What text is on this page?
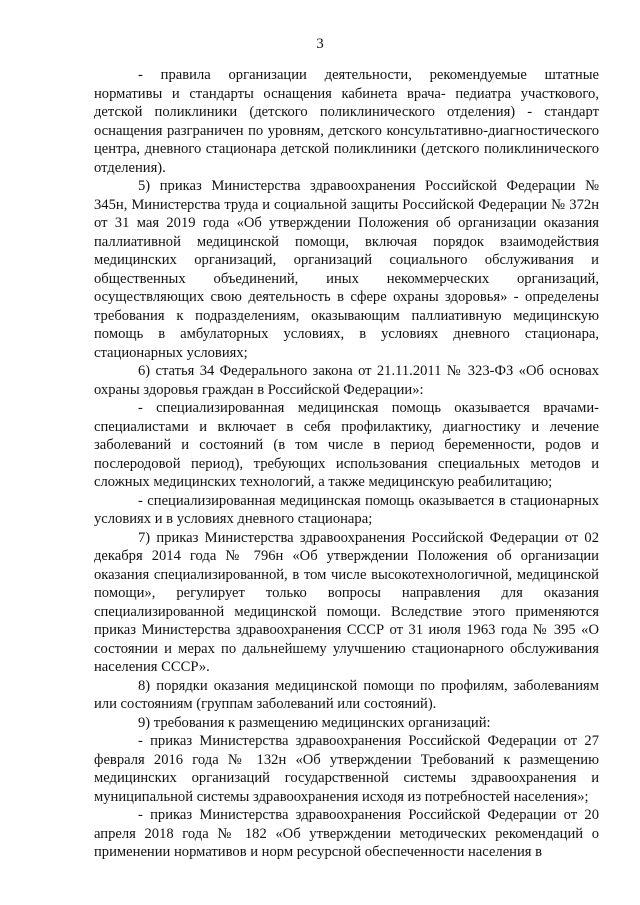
3

- правила организации деятельности, рекомендуемые штатные нормативы и стандарты оснащения кабинета врача- педиатра участкового, детской поликлиники (детского поликлинического отделения) - стандарт оснащения разграничен по уровням, детского консультативно-диагностического центра, дневного стационара детской поликлиники (детского поликлинического отделения).

5) приказ Министерства здравоохранения Российской Федерации № 345н, Министерства труда и социальной защиты Российской Федерации № 372н от 31 мая 2019 года «Об утверждении Положения об организации оказания паллиативной медицинской помощи, включая порядок взаимодействия медицинских организаций, организаций социального обслуживания и общественных объединений, иных некоммерческих организаций, осуществляющих свою деятельность в сфере охраны здоровья» - определены требования к подразделениям, оказывающим паллиативную медицинскую помощь в амбулаторных условиях, в условиях дневного стационара, стационарных условиях;

6) статья 34 Федерального закона от 21.11.2011 № 323-ФЗ «Об основах охраны здоровья граждан в Российской Федерации»:

- специализированная медицинская помощь оказывается врачами-специалистами и включает в себя профилактику, диагностику и лечение заболеваний и состояний (в том числе в период беременности, родов и послеродовой период), требующих использования специальных методов и сложных медицинских технологий, а также медицинскую реабилитацию;

- специализированная медицинская помощь оказывается в стационарных условиях и в условиях дневного стационара;

7) приказ Министерства здравоохранения Российской Федерации от 02 декабря 2014 года № 796н «Об утверждении Положения об организации оказания специализированной, в том числе высокотехнологичной, медицинской помощи», регулирует только вопросы направления для оказания специализированной медицинской помощи. Вследствие этого применяются приказ Министерства здравоохранения СССР от 31 июля 1963 года № 395 «О состоянии и мерах по дальнейшему улучшению стационарного обслуживания населения СССР».

8) порядки оказания медицинской помощи по профилям, заболеваниям или состояниям (группам заболеваний или состояний).

9) требования к размещению медицинских организаций:

- приказ Министерства здравоохранения Российской Федерации от 27 февраля 2016 года № 132н «Об утверждении Требований к размещению медицинских организаций государственной системы здравоохранения и муниципальной системы здравоохранения исходя из потребностей населения»;

- приказ Министерства здравоохранения Российской Федерации от 20 апреля 2018 года № 182 «Об утверждении методических рекомендаций о применении нормативов и норм ресурсной обеспеченности населения в
